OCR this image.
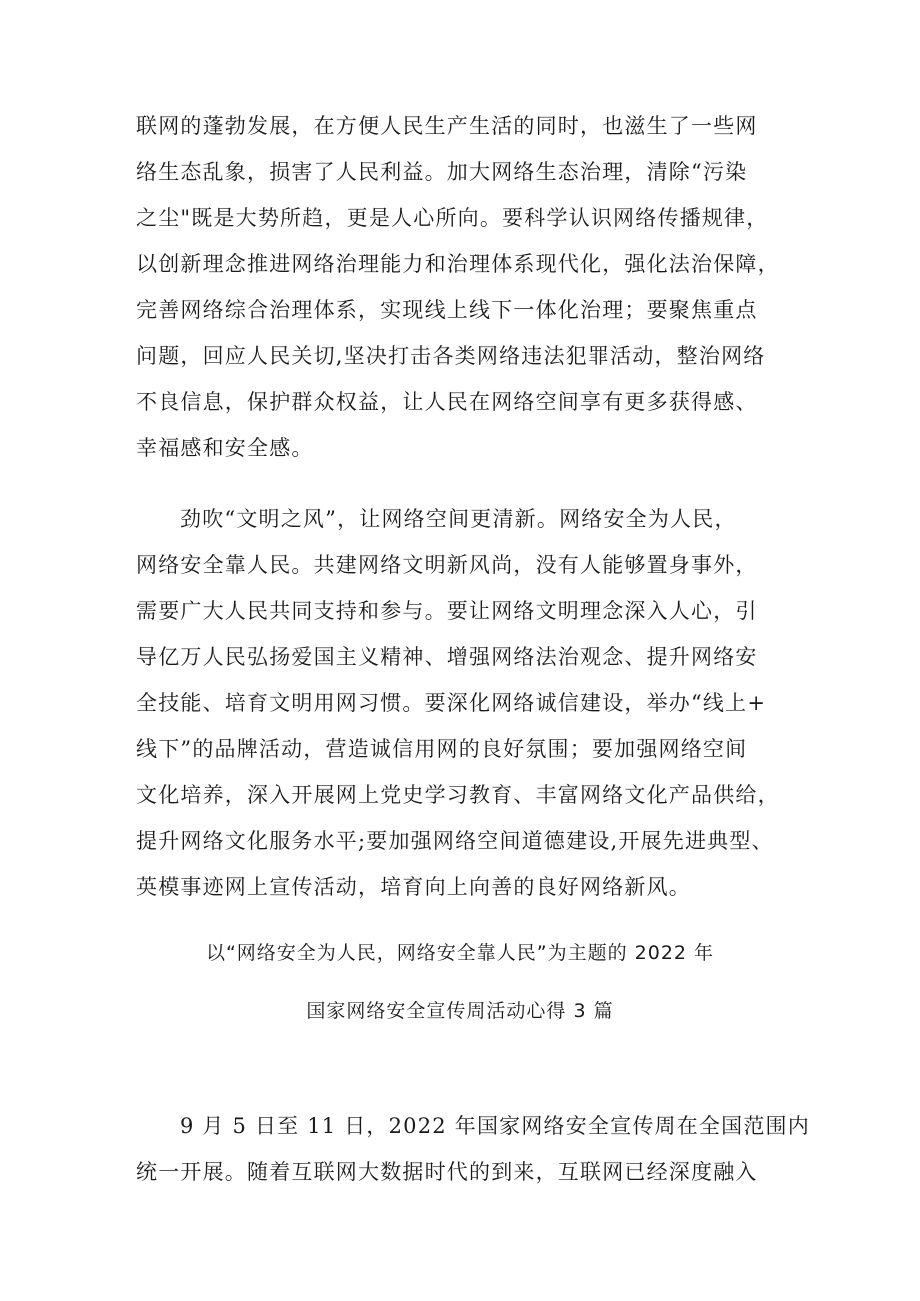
联网的蓬勃发展，在方便人民生产生活的同时，也滋生了一些网
络生态乱象，损害了人民利益。加大网络生态治理，清除“污染
之尘"既是大势所趋，更是人心所向。要科学认识网络传播规律，
以创新理念推进网络治理能力和治理体系现代化，强化法治保障，
完善网络综合治理体系，实现线上线下一体化治理；要聚焦重点
问题，回应人民关切,坚决打击各类网络违法犯罪活动，整治网络
不良信息，保护群众权益，让人民在网络空间享有更多获得感、
幸福感和安全感。
劲吹“文明之风”，让网络空间更清新。网络安全为人民，
网络安全靠人民。共建网络文明新风尚，没有人能够置身事外，
需要广大人民共同支持和参与。要让网络文明理念深入人心，引
导亿万人民弘扬爱国主义精神、增强网络法治观念、提升网络安
全技能、培育文明用网习惯。要深化网络诚信建设，举办“线上+
线下”的品牌活动，营造诚信用网的良好氛围；要加强网络空间
文化培养，深入开展网上党史学习教育、丰富网络文化产品供给，
提升网络文化服务水平;要加强网络空间道德建设,开展先进典型、
英模事迹网上宣传活动，培育向上向善的良好网络新风。
以“网络安全为人民，网络安全靠人民”为主题的 2022 年
国家网络安全宣传周活动心得 3 篇
9 月 5 日至 11 日，2022 年国家网络安全宣传周在全国范围内
统一开展。随着互联网大数据时代的到来，互联网已经深度融入
